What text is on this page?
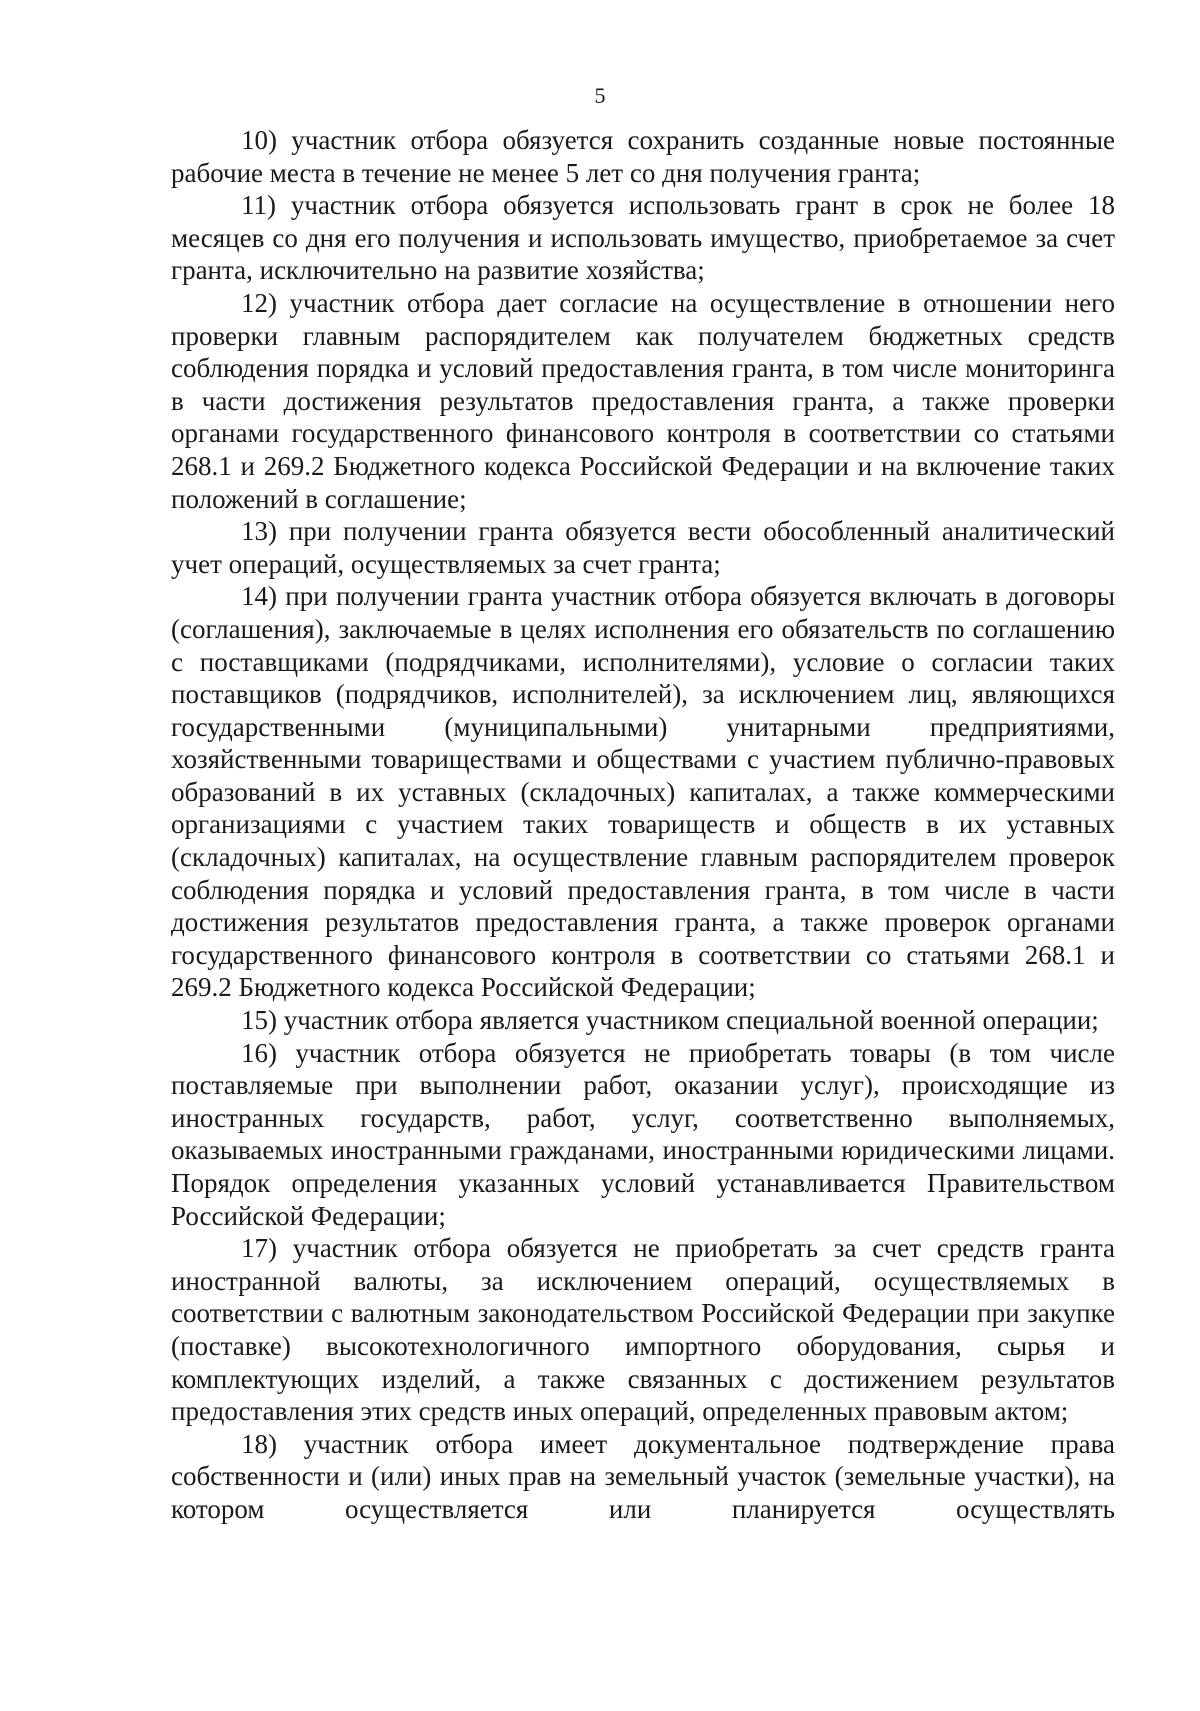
5

10) участник отбора обязуется сохранить созданные новые постоянные рабочие места в течение не менее 5 лет со дня получения гранта;

11) участник отбора обязуется использовать грант в срок не более 18 месяцев со дня его получения и использовать имущество, приобретаемое за счет гранта, исключительно на развитие хозяйства;

12) участник отбора дает согласие на осуществление в отношении него проверки главным распорядителем как получателем бюджетных средств соблюдения порядка и условий предоставления гранта, в том числе мониторинга в части достижения результатов предоставления гранта, а также проверки органами государственного финансового контроля в соответствии со статьями 268.1 и 269.2 Бюджетного кодекса Российской Федерации и на включение таких положений в соглашение;

13) при получении гранта обязуется вести обособленный аналитический учет операций, осуществляемых за счет гранта;

14) при получении гранта участник отбора обязуется включать в договоры (соглашения), заключаемые в целях исполнения его обязательств по соглашению с поставщиками (подрядчиками, исполнителями), условие о согласии таких поставщиков (подрядчиков, исполнителей), за исключением лиц, являющихся государственными (муниципальными) унитарными предприятиями, хозяйственными товариществами и обществами с участием публично-правовых образований в их уставных (складочных) капиталах, а также коммерческими организациями с участием таких товариществ и обществ в их уставных (складочных) капиталах, на осуществление главным распорядителем проверок соблюдения порядка и условий предоставления гранта, в том числе в части достижения результатов предоставления гранта, а также проверок органами государственного финансового контроля в соответствии со статьями 268.1 и 269.2 Бюджетного кодекса Российской Федерации;

15) участник отбора является участником специальной военной операции;

16) участник отбора обязуется не приобретать товары (в том числе поставляемые при выполнении работ, оказании услуг), происходящие из иностранных государств, работ, услуг, соответственно выполняемых, оказываемых иностранными гражданами, иностранными юридическими лицами. Порядок определения указанных условий устанавливается Правительством Российской Федерации;

17) участник отбора обязуется не приобретать за счет средств гранта иностранной валюты, за исключением операций, осуществляемых в соответствии с валютным законодательством Российской Федерации при закупке (поставке) высокотехнологичного импортного оборудования, сырья и комплектующих изделий, а также связанных с достижением результатов предоставления этих средств иных операций, определенных правовым актом;

18) участник отбора имеет документальное подтверждение права собственности и (или) иных прав на земельный участок (земельные участки), на котором осуществляется или планируется осуществлять
